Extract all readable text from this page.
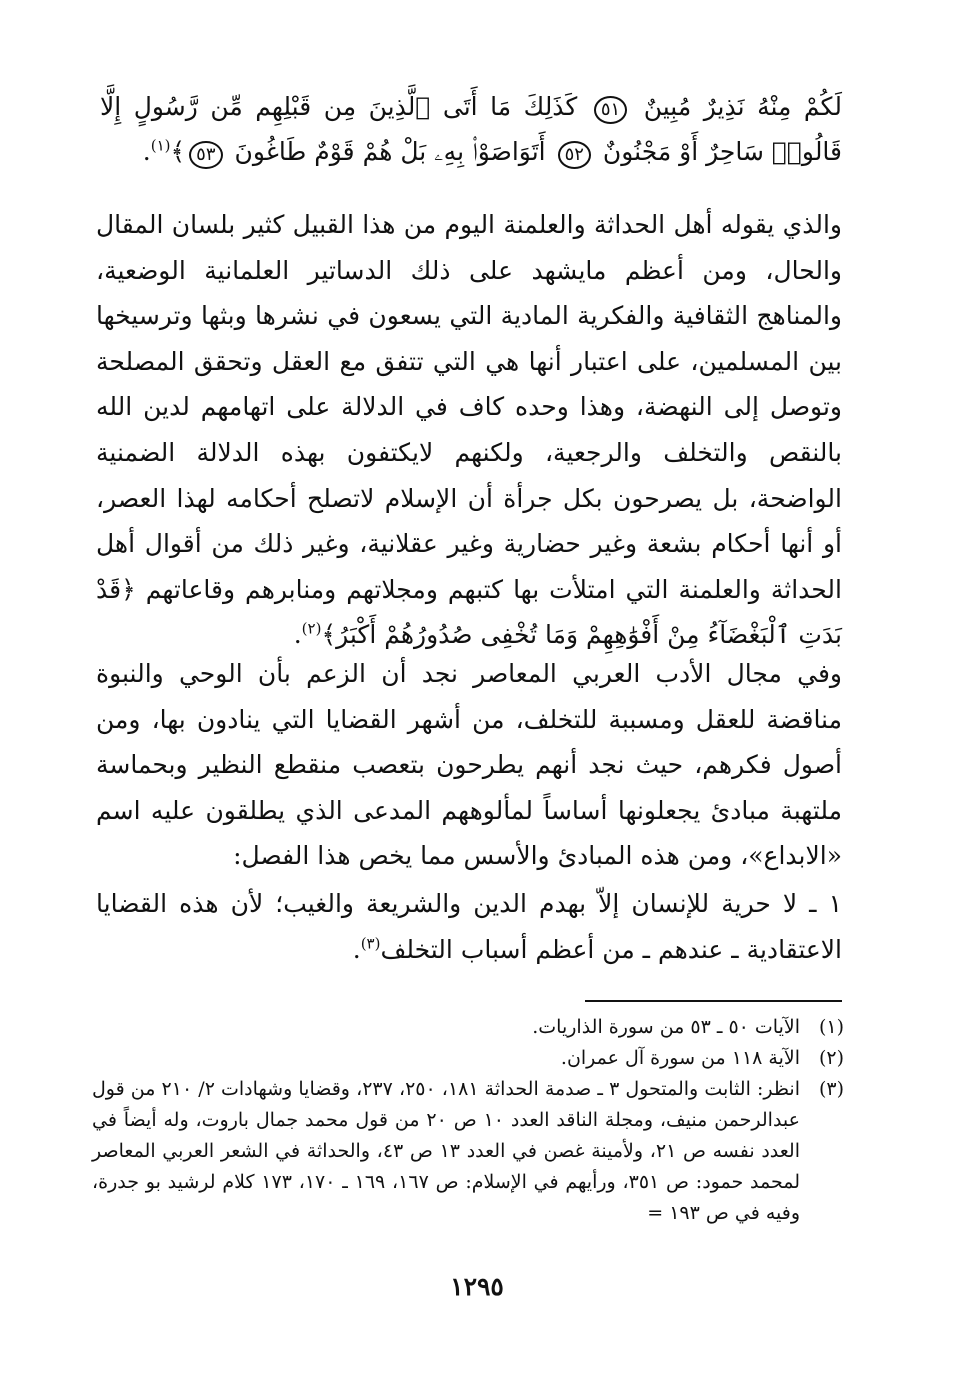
لَكُمْ مِنْهُ نَذِيرٌ مُبِينٌ ٥١ كَذَلِكَ مَا أَتَى ٱلَّذِينَ مِن قَبْلِهِم مِّن رَّسُولٍ إِلَّا قَالُوا۟ سَاحِرٌ أَوْ مَجْنُونٌ ٥٢ أَتَوَاصَوْا۟ بِهِۦ بَلْ هُمْ قَوْمٌ طَاغُونَ ٥٣﴾$^{(١)}$.
والذي يقوله أهل الحداثة والعلمنة اليوم من هذا القبيل كثير بلسان المقال والحال، ومن أعظم مايشهد على ذلك الدساتير العلمانية الوضعية، والمناهج الثقافية والفكرية المادية التي يسعون في نشرها وبثها وترسيخها بين المسلمين، على اعتبار أنها هي التي تتفق مع العقل وتحقق المصلحة وتوصل إلى النهضة، وهذا وحده كاف في الدلالة على اتهامهم لدين الله بالنقص والتخلف والرجعية، ولكنهم لايكتفون بهذه الدلالة الضمنية الواضحة، بل يصرحون بكل جرأة أن الإسلام لاتصلح أحكامه لهذا العصر، أو أنها أحكام بشعة وغير حضارية وغير عقلانية، وغير ذلك من أقوال أهل الحداثة والعلمنة التي امتلأت بها كتبهم ومجلاتهم ومنابرهم وقاعاتهم ﴿قَدْ بَدَتِ ٱلْبَغْضَآءُ مِنْ أَفْوَٰهِهِمْ وَمَا تُخْفِى صُدُورُهُمْ أَكْبَرُ﴾$^{(٢)}$.
وفي مجال الأدب العربي المعاصر نجد أن الزعم بأن الوحي والنبوة مناقضة للعقل ومسببة للتخلف، من أشهر القضايا التي ينادون بها، ومن أصول فكرهم، حيث نجد أنهم يطرحون بتعصب منقطع النظير وبحماسة ملتهبة مبادئ يجعلونها أساساً لمألوههم المدعى الذي يطلقون عليه اسم «الابداع»، ومن هذه المبادئ والأسس مما يخص هذا الفصل:
١ ـ لا حرية للإنسان إلاّ بهدم الدين والشريعة والغيب؛ لأن هذه القضايا الاعتقادية ـ عندهم ـ من أعظم أسباب التخلف$^{(٣)}$.
(١)
الآيات ٥٠ ـ ٥٣ من سورة الذاريات.
(٢)
الآية ١١٨ من سورة آل عمران.
(٣)
انظر: الثابت والمتحول ٣ ـ صدمة الحداثة ١٨١، ٢٥٠، ٢٣٧، وقضايا وشهادات ٢/ ٢١٠ من قول عبدالرحمن منيف، ومجلة الناقد العدد ١٠ ص ٢٠ من قول محمد جمال باروت، وله أيضاً في العدد نفسه ص ٢١، ولأمينة غصن في العدد ١٣ ص ٤٣، والحداثة في الشعر العربي المعاصر لمحمد حمود: ص ٣٥١، ورأيهم في الإسلام: ص ١٦٧، ١٦٩ ـ ١٧٠، ١٧٣ كلام لرشيد بو جدرة، وفيه في ص ١٩٣ =
١٢٩٥
